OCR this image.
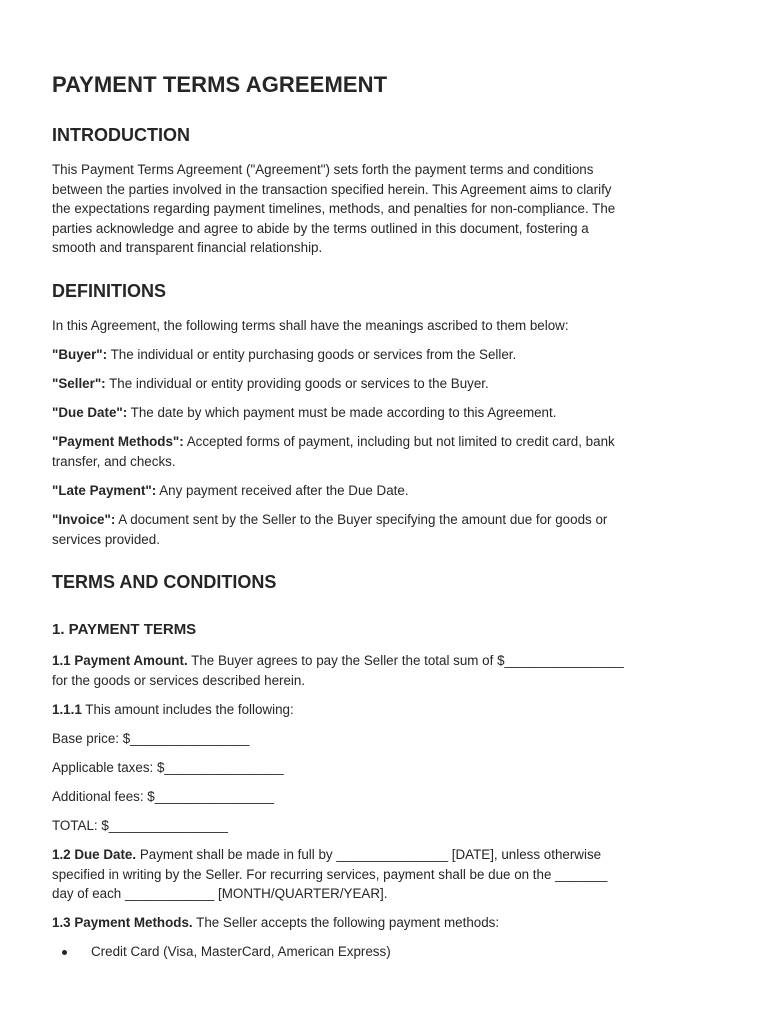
PAYMENT TERMS AGREEMENT
INTRODUCTION
This Payment Terms Agreement ("Agreement") sets forth the payment terms and conditions
between the parties involved in the transaction specified herein. This Agreement aims to clarify
the expectations regarding payment timelines, methods, and penalties for non-compliance. The
parties acknowledge and agree to abide by the terms outlined in this document, fostering a
smooth and transparent financial relationship.
DEFINITIONS
In this Agreement, the following terms shall have the meanings ascribed to them below:
"Buyer": The individual or entity purchasing goods or services from the Seller.
"Seller": The individual or entity providing goods or services to the Buyer.
"Due Date": The date by which payment must be made according to this Agreement.
"Payment Methods": Accepted forms of payment, including but not limited to credit card, bank
transfer, and checks.
"Late Payment": Any payment received after the Due Date.
"Invoice": A document sent by the Seller to the Buyer specifying the amount due for goods or
services provided.
TERMS AND CONDITIONS
1. PAYMENT TERMS
1.1 Payment Amount. The Buyer agrees to pay the Seller the total sum of $________________
for the goods or services described herein.
1.1.1 This amount includes the following:
Base price: $________________
Applicable taxes: $________________
Additional fees: $________________
TOTAL: $________________
1.2 Due Date. Payment shall be made in full by _______________ [DATE], unless otherwise
specified in writing by the Seller. For recurring services, payment shall be due on the _______
day of each ____________ [MONTH/QUARTER/YEAR].
1.3 Payment Methods. The Seller accepts the following payment methods:
Credit Card (Visa, MasterCard, American Express)
